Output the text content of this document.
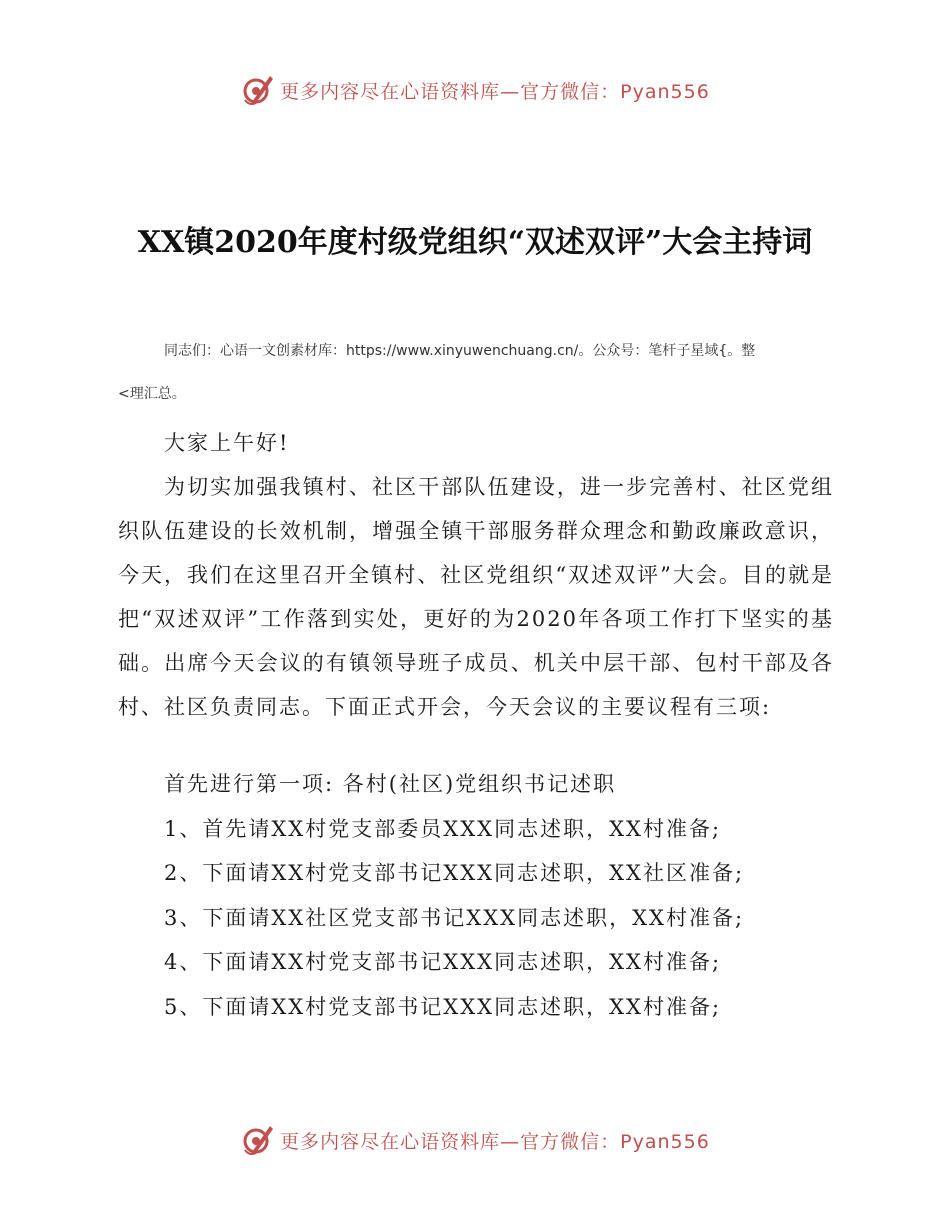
更多内容尽在心语资料库—官方微信：Pyan556
XX镇2020年度村级党组织“双述双评”大会主持词
同志们：心语一文创素材库：https://www.xinyuwenchuang.cn/。公众号：笔杆子星域{。整
<理汇总。
大家上午好!
为切实加强我镇村、社区干部队伍建设，进一步完善村、社区党组织队伍建设的长效机制，增强全镇干部服务群众理念和勤政廉政意识，今天，我们在这里召开全镇村、社区党组织“双述双评”大会。目的就是把“双述双评”工作落到实处，更好的为2020年各项工作打下坚实的基础。出席今天会议的有镇领导班子成员、机关中层干部、包村干部及各村、社区负责同志。下面正式开会，今天会议的主要议程有三项:
首先进行第一项: 各村(社区)党组织书记述职
1、首先请XX村党支部委员XXX同志述职，XX村准备;
2、下面请XX村党支部书记XXX同志述职，XX社区准备;
3、下面请XX社区党支部书记XXX同志述职，XX村准备;
4、下面请XX村党支部书记XXX同志述职，XX村准备;
5、下面请XX村党支部书记XXX同志述职，XX村准备;
更多内容尽在心语资料库—官方微信：Pyan556
